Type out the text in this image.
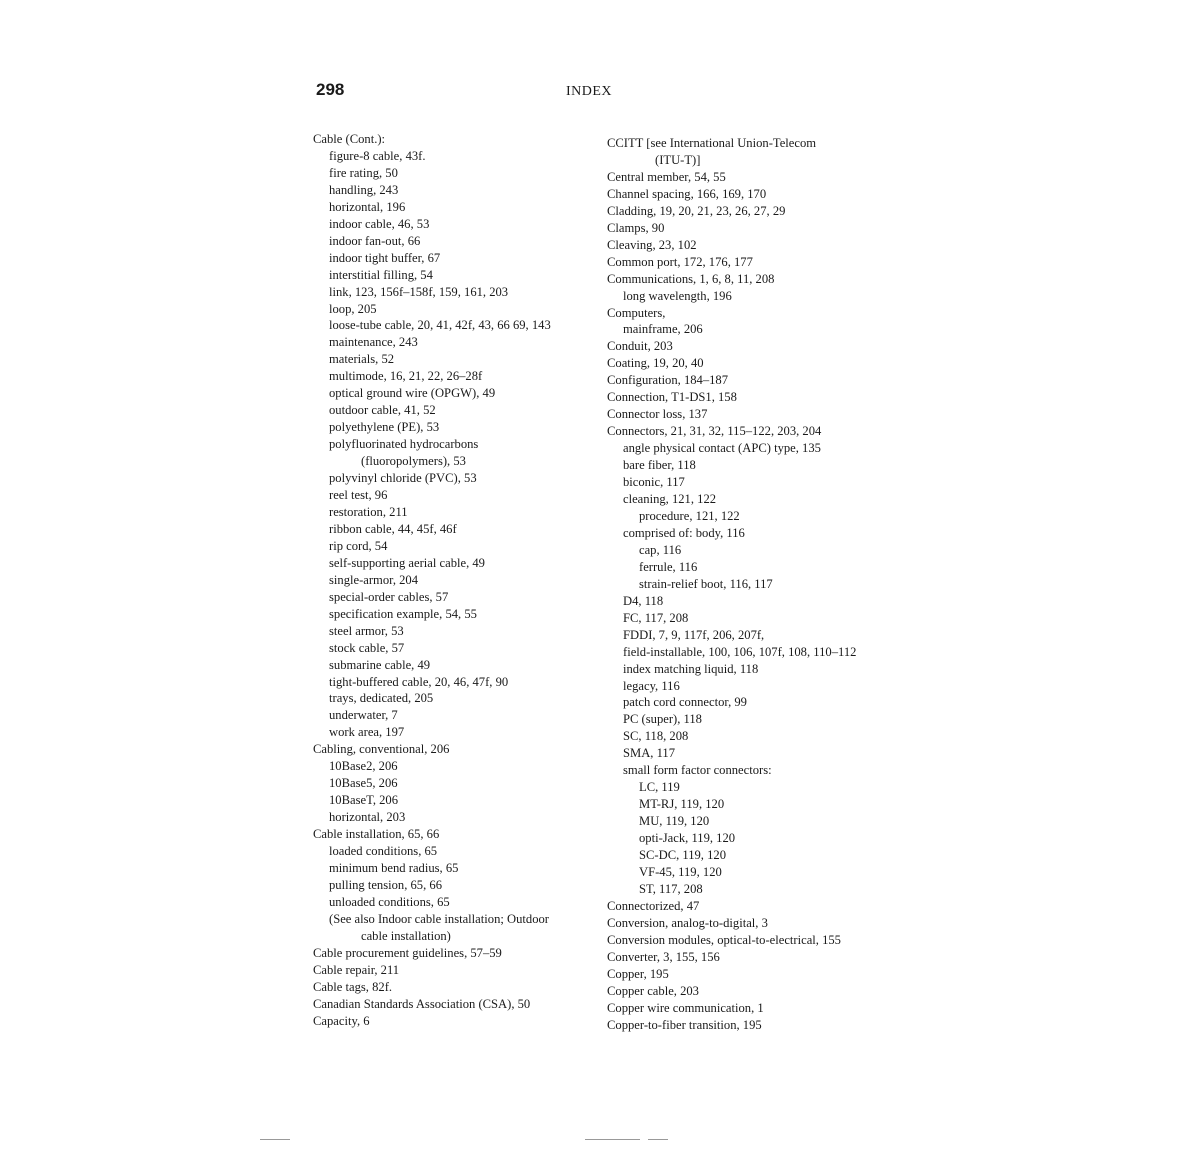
298	INDEX
Cable (Cont.):
figure-8 cable, 43f.
fire rating, 50
handling, 243
horizontal, 196
indoor cable, 46, 53
indoor fan-out, 66
indoor tight buffer, 67
interstitial filling, 54
link, 123, 156f–158f, 159, 161, 203
loop, 205
loose-tube cable, 20, 41, 42f, 43, 66 69, 143
maintenance, 243
materials, 52
multimode, 16, 21, 22, 26–28f
optical ground wire (OPGW), 49
outdoor cable, 41, 52
polyethylene (PE), 53
polyfluorinated hydrocarbons
(fluoropolymers), 53
polyvinyl chloride (PVC), 53
reel test, 96
restoration, 211
ribbon cable, 44, 45f, 46f
rip cord, 54
self-supporting aerial cable, 49
single-armor, 204
special-order cables, 57
specification example, 54, 55
steel armor, 53
stock cable, 57
submarine cable, 49
tight-buffered cable, 20, 46, 47f, 90
trays, dedicated, 205
underwater, 7
work area, 197
Cabling, conventional, 206
10Base2, 206
10Base5, 206
10BaseT, 206
horizontal, 203
Cable installation, 65, 66
loaded conditions, 65
minimum bend radius, 65
pulling tension, 65, 66
unloaded conditions, 65
(See also Indoor cable installation; Outdoor
cable installation)
Cable procurement guidelines, 57–59
Cable repair, 211
Cable tags, 82f.
Canadian Standards Association (CSA), 50
Capacity, 6
CCITT [see International Union-Telecom
(ITU-T)]
Central member, 54, 55
Channel spacing, 166, 169, 170
Cladding, 19, 20, 21, 23, 26, 27, 29
Clamps, 90
Cleaving, 23, 102
Common port, 172, 176, 177
Communications, 1, 6, 8, 11, 208
long wavelength, 196
Computers,
mainframe, 206
Conduit, 203
Coating, 19, 20, 40
Configuration, 184–187
Connection, T1-DS1, 158
Connector loss, 137
Connectors, 21, 31, 32, 115–122, 203, 204
angle physical contact (APC) type, 135
bare fiber, 118
biconic, 117
cleaning, 121, 122
procedure, 121, 122
comprised of: body, 116
cap, 116
ferrule, 116
strain-relief boot, 116, 117
D4, 118
FC, 117, 208
FDDI, 7, 9, 117f, 206, 207f,
field-installable, 100, 106, 107f, 108, 110–112
index matching liquid, 118
legacy, 116
patch cord connector, 99
PC (super), 118
SC, 118, 208
SMA, 117
small form factor connectors:
LC, 119
MT-RJ, 119, 120
MU, 119, 120
opti-Jack, 119, 120
SC-DC, 119, 120
VF-45, 119, 120
ST, 117, 208
Connectorized, 47
Conversion, analog-to-digital, 3
Conversion modules, optical-to-electrical, 155
Converter, 3, 155, 156
Copper, 195
Copper cable, 203
Copper wire communication, 1
Copper-to-fiber transition, 195
